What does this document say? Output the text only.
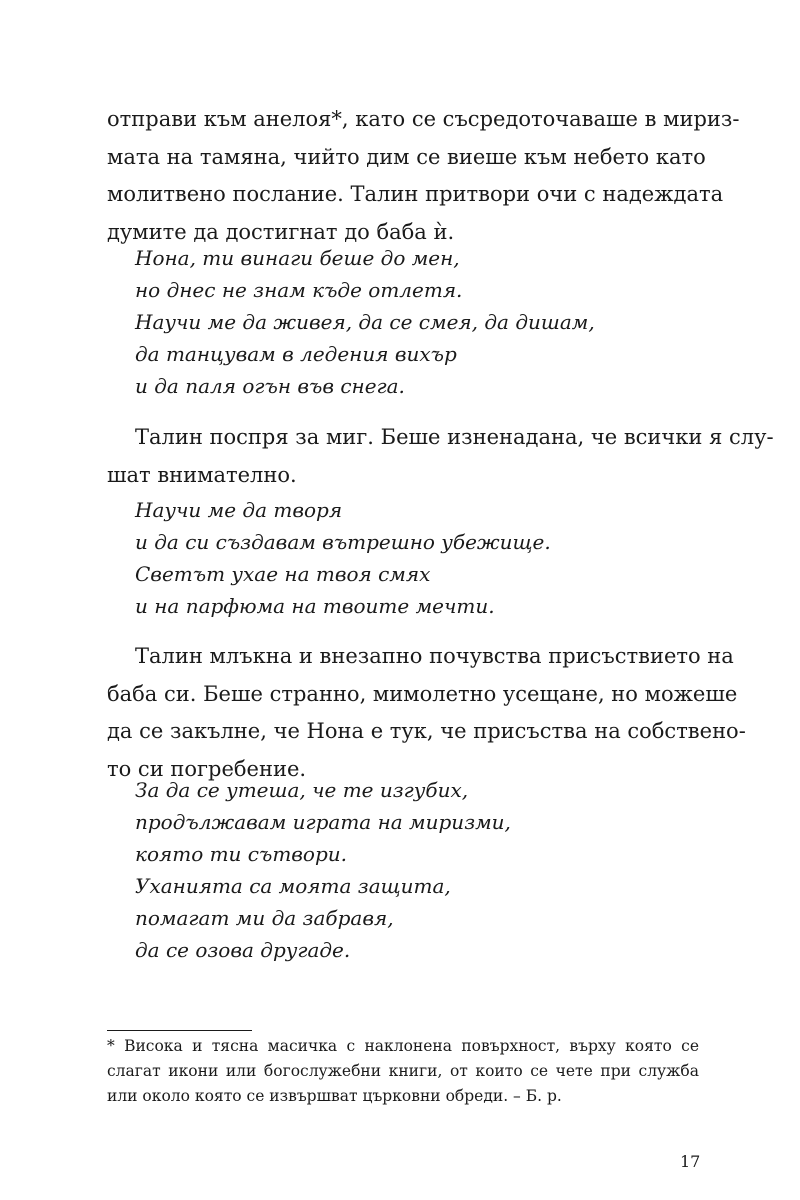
отправи към анелоя*, като се съсредоточаваше в мириз-
мата на тамяна, чийто дим се виеше към небето като
молитвено послание. Талин притвори очи с надеждата
думите да достигнат до баба ѝ.
Нона, ти винаги беше до мен,
но днес не знам къде отлетя.
Научи ме да живея, да се смея, да дишам,
да танцувам в ледения вихър
и да паля огън във снега.
Талин поспря за миг. Беше изненадана, че всички я слу-
шат внимателно.
Научи ме да творя
и да си създавам вътрешно убежище.
Светът ухае на твоя смях
и на парфюма на твоите мечти.
Талин млъкна и внезапно почувства присъствието на
баба си. Беше странно, мимолетно усещане, но можеше
да се закълне, че Нона е тук, че присъства на собствено-
то си погребение.
За да се утеша, че те изгубих,
продължавам играта на миризми,
която ти сътвори.
Уханията са моята защита,
помагат ми да забравя,
да се озова другаде.
* Висока и тясна масичка с наклонена повърхност, върху която се
слагат икони или богослужебни книги, от които се чете при служба
или около която се извършват църковни обреди. – Б. р.
17
